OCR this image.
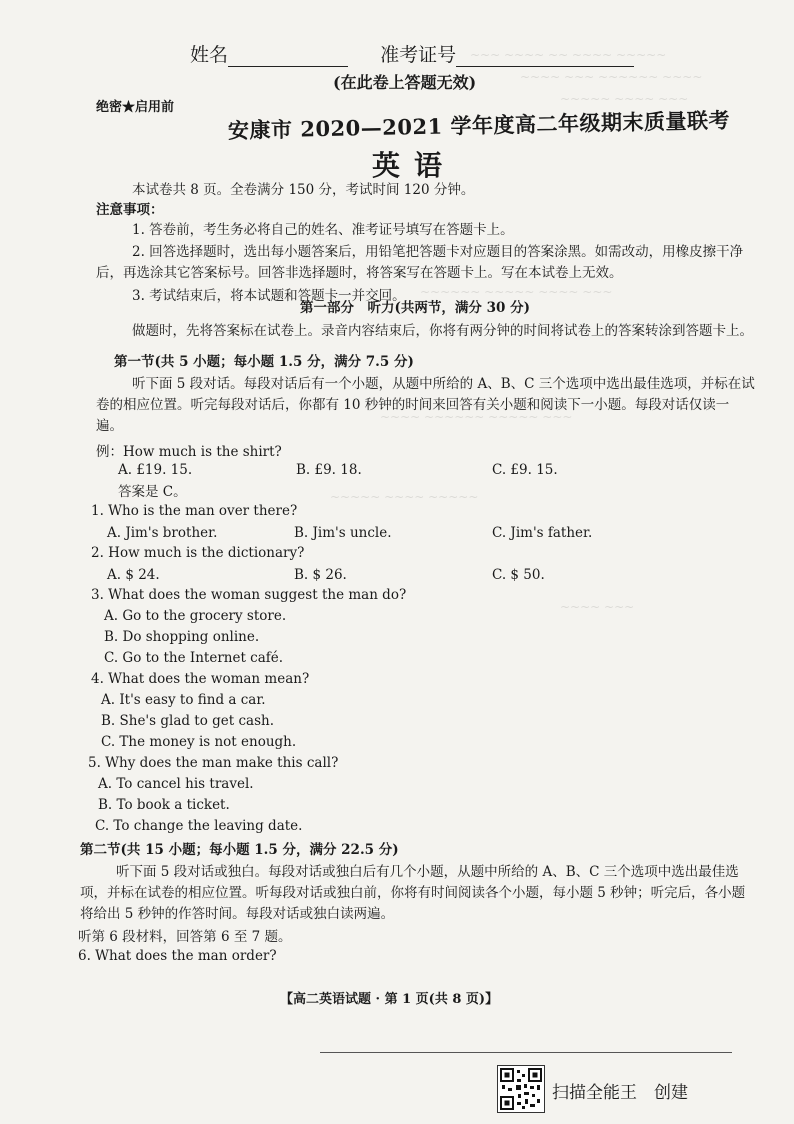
~~~ ~~~~ ~~ ~~~~ ~~~~~
~~~~ ~~~ ~~~~~~ ~~~~
~~~~~ ~~~~ ~~~
~~~~~~ ~~~~~ ~~~~ ~~~
~~~~ ~~~~~~ ~~~~~ ~~~
~~~~~ ~~~~ ~~~~~
~~~~ ~~~
姓名	准考证号
(在此卷上答题无效)
绝密★启用前	安康市 2020—2021 学年度高二年级期末质量联考
英语
本试卷共 8 页。全卷满分 150 分，考试时间 120 分钟。
注意事项：
1. 答卷前，考生务必将自己的姓名、准考证号填写在答题卡上。
2. 回答选择题时，选出每小题答案后，用铅笔把答题卡对应题目的答案涂黑。如需改动，用橡皮擦干净后，再选涂其它答案标号。回答非选择题时，将答案写在答题卡上。写在本试卷上无效。
3. 考试结束后，将本试题和答题卡一并交回。
第一部分　听力(共两节，满分 30 分)
做题时，先将答案标在试卷上。录音内容结束后，你将有两分钟的时间将试卷上的答案转涂到答题卡上。
第一节(共 5 小题；每小题 1.5 分，满分 7.5 分)
听下面 5 段对话。每段对话后有一个小题，从题中所给的 A、B、C 三个选项中选出最佳选项，并标在试卷的相应位置。听完每段对话后，你都有 10 秒钟的时间来回答有关小题和阅读下一小题。每段对话仅读一遍。
例：How much is the shirt?
A. £19. 15.	B. £9. 18.	C. £9. 15.
答案是 C。
1. Who is the man over there?
A. Jim's brother.	B. Jim's uncle.	C. Jim's father.
2. How much is the dictionary?
A. $ 24.	B. $ 26.	C. $ 50.
3. What does the woman suggest the man do?
A. Go to the grocery store.
B. Do shopping online.
C. Go to the Internet café.
4. What does the woman mean?
A. It's easy to find a car.
B. She's glad to get cash.
C. The money is not enough.
5. Why does the man make this call?
A. To cancel his travel.
B. To book a ticket.
C. To change the leaving date.
第二节(共 15 小题；每小题 1.5 分，满分 22.5 分)
听下面 5 段对话或独白。每段对话或独白后有几个小题，从题中所给的 A、B、C 三个选项中选出最佳选项，并标在试卷的相应位置。听每段对话或独白前，你将有时间阅读各个小题，每小题 5 秒钟；听完后，各小题将给出 5 秒钟的作答时间。每段对话或独白读两遍。
听第 6 段材料，回答第 6 至 7 题。
6. What does the man order?
【高二英语试题 · 第 1 页(共 8 页)】
扫描全能王　创建
